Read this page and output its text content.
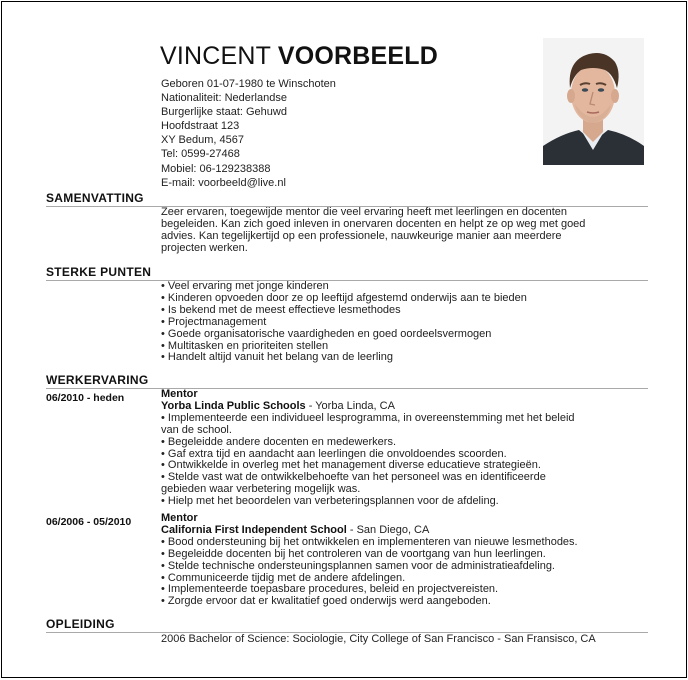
VINCENT VOORBEELD
Geboren 01-07-1980 te Winschoten
Nationaliteit: Nederlandse
Burgerlijke staat: Gehuwd
Hoofdstraat 123
XY Bedum, 4567
Tel: 0599-27468
Mobiel: 06-129238388
E-mail: voorbeeld@live.nl
SAMENVATTING
Zeer ervaren, toegewijde mentor die veel ervaring heeft met leerlingen en docenten
begeleiden. Kan zich goed inleven in onervaren docenten en helpt ze op weg met goed
advies. Kan tegelijkertijd op een professionele, nauwkeurige manier aan meerdere
projecten werken.
STERKE PUNTEN
• Veel ervaring met jonge kinderen
• Kinderen opvoeden door ze op leeftijd afgestemd onderwijs aan te bieden
• Is bekend met de meest effectieve lesmethodes
• Projectmanagement
• Goede organisatorische vaardigheden en goed oordeelsvermogen
• Multitasken en prioriteiten stellen
• Handelt altijd vanuit het belang van de leerling
WERKERVARING
06/2010 - heden	Mentor
Yorba Linda Public Schools - Yorba Linda, CA
• Implementeerde een individueel lesprogramma, in overeenstemming met het beleid
van de school.
• Begeleidde andere docenten en medewerkers.
• Gaf extra tijd en aandacht aan leerlingen die onvoldoendes scoorden.
• Ontwikkelde in overleg met het management diverse educatieve strategieën.
• Stelde vast wat de ontwikkelbehoefte van het personeel was en identificeerde
gebieden waar verbetering mogelijk was.
• Hielp met het beoordelen van verbeteringsplannen voor de afdeling.
06/2006 - 05/2010	Mentor
California First Independent School - San Diego, CA
• Bood ondersteuning bij het ontwikkelen en implementeren van nieuwe lesmethodes.
• Begeleidde docenten bij het controleren van de voortgang van hun leerlingen.
• Stelde technische ondersteuningsplannen samen voor de administratieafdeling.
• Communiceerde tijdig met de andere afdelingen.
• Implementeerde toepasbare procedures, beleid en projectvereisten.
• Zorgde ervoor dat er kwalitatief goed onderwijs werd aangeboden.
OPLEIDING
2006 Bachelor of Science: Sociologie, City College of San Francisco - San Fransisco, CA
